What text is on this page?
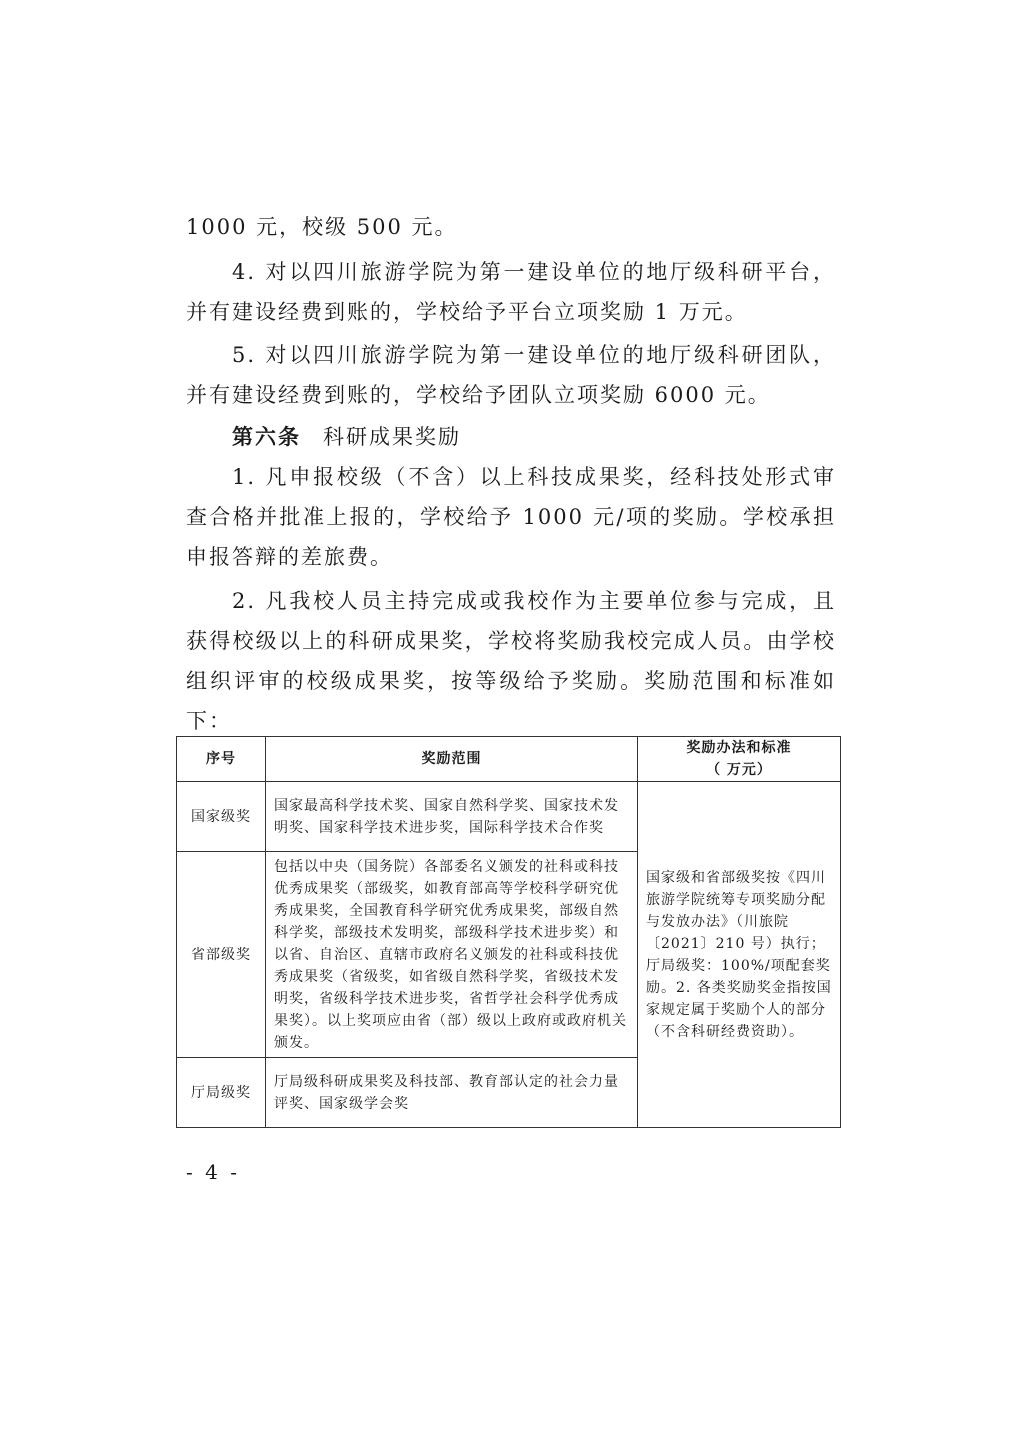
1000 元，校级 500 元。

4. 对以四川旅游学院为第一建设单位的地厅级科研平台，并有建设经费到账的，学校给予平台立项奖励 1 万元。

5. 对以四川旅游学院为第一建设单位的地厅级科研团队，并有建设经费到账的，学校给予团队立项奖励 6000 元。

第六条 科研成果奖励

1. 凡申报校级（不含）以上科技成果奖，经科技处形式审查合格并批准上报的，学校给予 1000 元/项的奖励。学校承担申报答辩的差旅费。

2. 凡我校人员主持完成或我校作为主要单位参与完成，且获得校级以上的科研成果奖，学校将奖励我校完成人员。由学校组织评审的校级成果奖，按等级给予奖励。奖励范围和标准如下：

序号	奖励范围	奖励办法和标准
（ 万元）

国家级奖	国家最高科学技术奖、国家自然科学奖、国家技术发明奖、国家科学技术进步奖，国际科学技术合作奖	国家级和省部级奖按《四川旅游学院统筹专项奖励分配与发放办法》（川旅院〔2021〕210 号）执行；厅局级奖：100%/项配套奖励。2. 各类奖励奖金指按国家规定属于奖励个人的部分（不含科研经费资助）。
省部级奖	包括以中央（国务院）各部委名义颁发的社科或科技优秀成果奖（部级奖，如教育部高等学校科学研究优秀成果奖，全国教育科学研究优秀成果奖，部级自然科学奖，部级技术发明奖，部级科学技术进步奖）和以省、自治区、直辖市政府名义颁发的社科或科技优秀成果奖（省级奖，如省级自然科学奖，省级技术发明奖，省级科学技术进步奖，省哲学社会科学优秀成果奖）。以上奖项应由省（部）级以上政府或政府机关颁发。	
厅局级奖	厅局级科研成果奖及科技部、教育部认定的社会力量评奖、国家级学会奖	
- 4 -
